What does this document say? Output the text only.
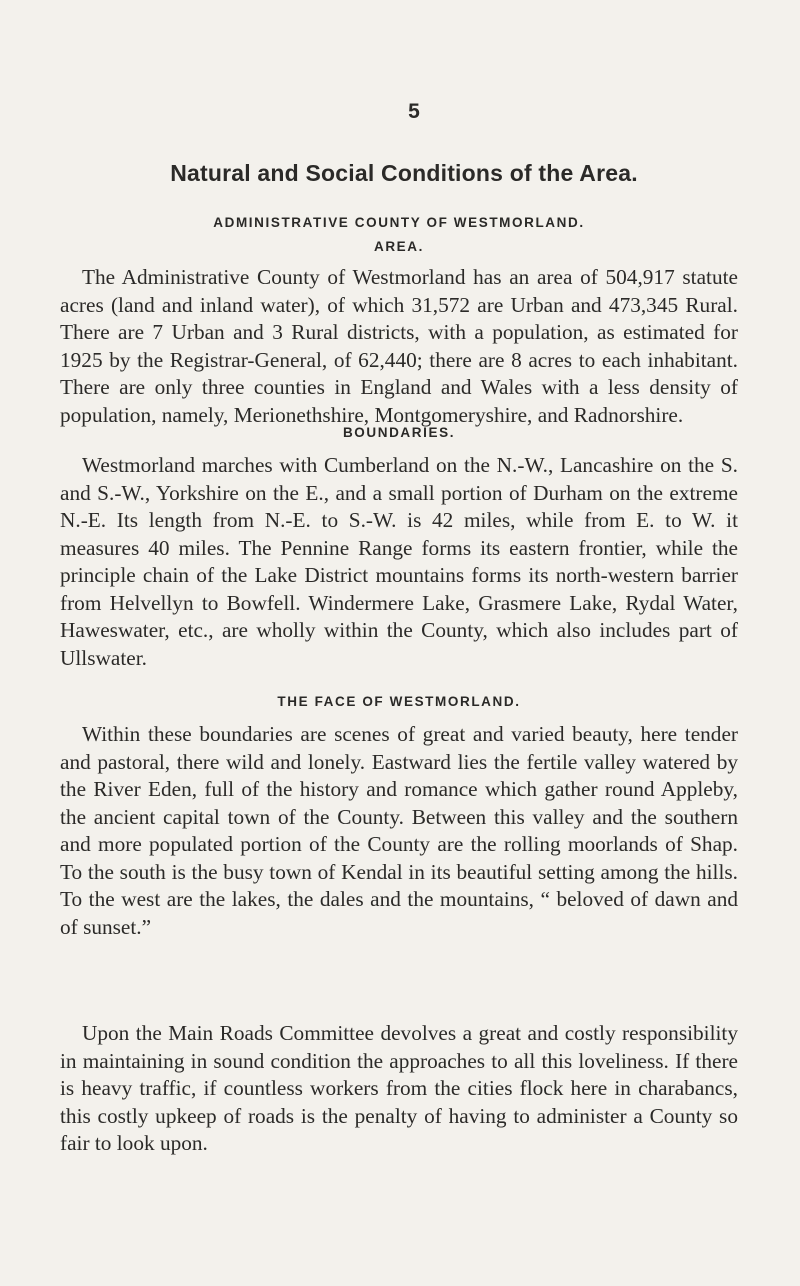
5
Natural and Social Conditions of the Area.

ADMINISTRATIVE COUNTY OF WESTMORLAND.

AREA.

The Administrative County of Westmorland has an area of 504,917 statute acres (land and inland water), of which 31,572 are Urban and 473,345 Rural. There are 7 Urban and 3 Rural districts, with a population, as estimated for 1925 by the Registrar-General, of 62,440; there are 8 acres to each inhabitant. There are only three counties in England and Wales with a less density of population, namely, Merionethshire, Montgomeryshire, and Radnorshire.

BOUNDARIES.

Westmorland marches with Cumberland on the N.-W., Lancashire on the S. and S.-W., Yorkshire on the E., and a small portion of Durham on the extreme N.-E. Its length from N.-E. to S.-W. is 42 miles, while from E. to W. it measures 40 miles. The Pennine Range forms its eastern frontier, while the principle chain of the Lake District mountains forms its north-western barrier from Helvellyn to Bowfell. Windermere Lake, Grasmere Lake, Rydal Water, Haweswater, etc., are wholly within the County, which also includes part of Ullswater.

THE FACE OF WESTMORLAND.

Within these boundaries are scenes of great and varied beauty, here tender and pastoral, there wild and lonely. Eastward lies the fertile valley watered by the River Eden, full of the history and romance which gather round Appleby, the ancient capital town of the County. Between this valley and the southern and more populated portion of the County are the rolling moorlands of Shap. To the south is the busy town of Kendal in its beautiful setting among the hills. To the west are the lakes, the dales and the mountains, “ beloved of dawn and of sunset.”

Upon the Main Roads Committee devolves a great and costly responsibility in maintaining in sound condition the approaches to all this loveliness. If there is heavy traffic, if countless workers from the cities flock here in charabancs, this costly upkeep of roads is the penalty of having to administer a County so fair to look upon.
